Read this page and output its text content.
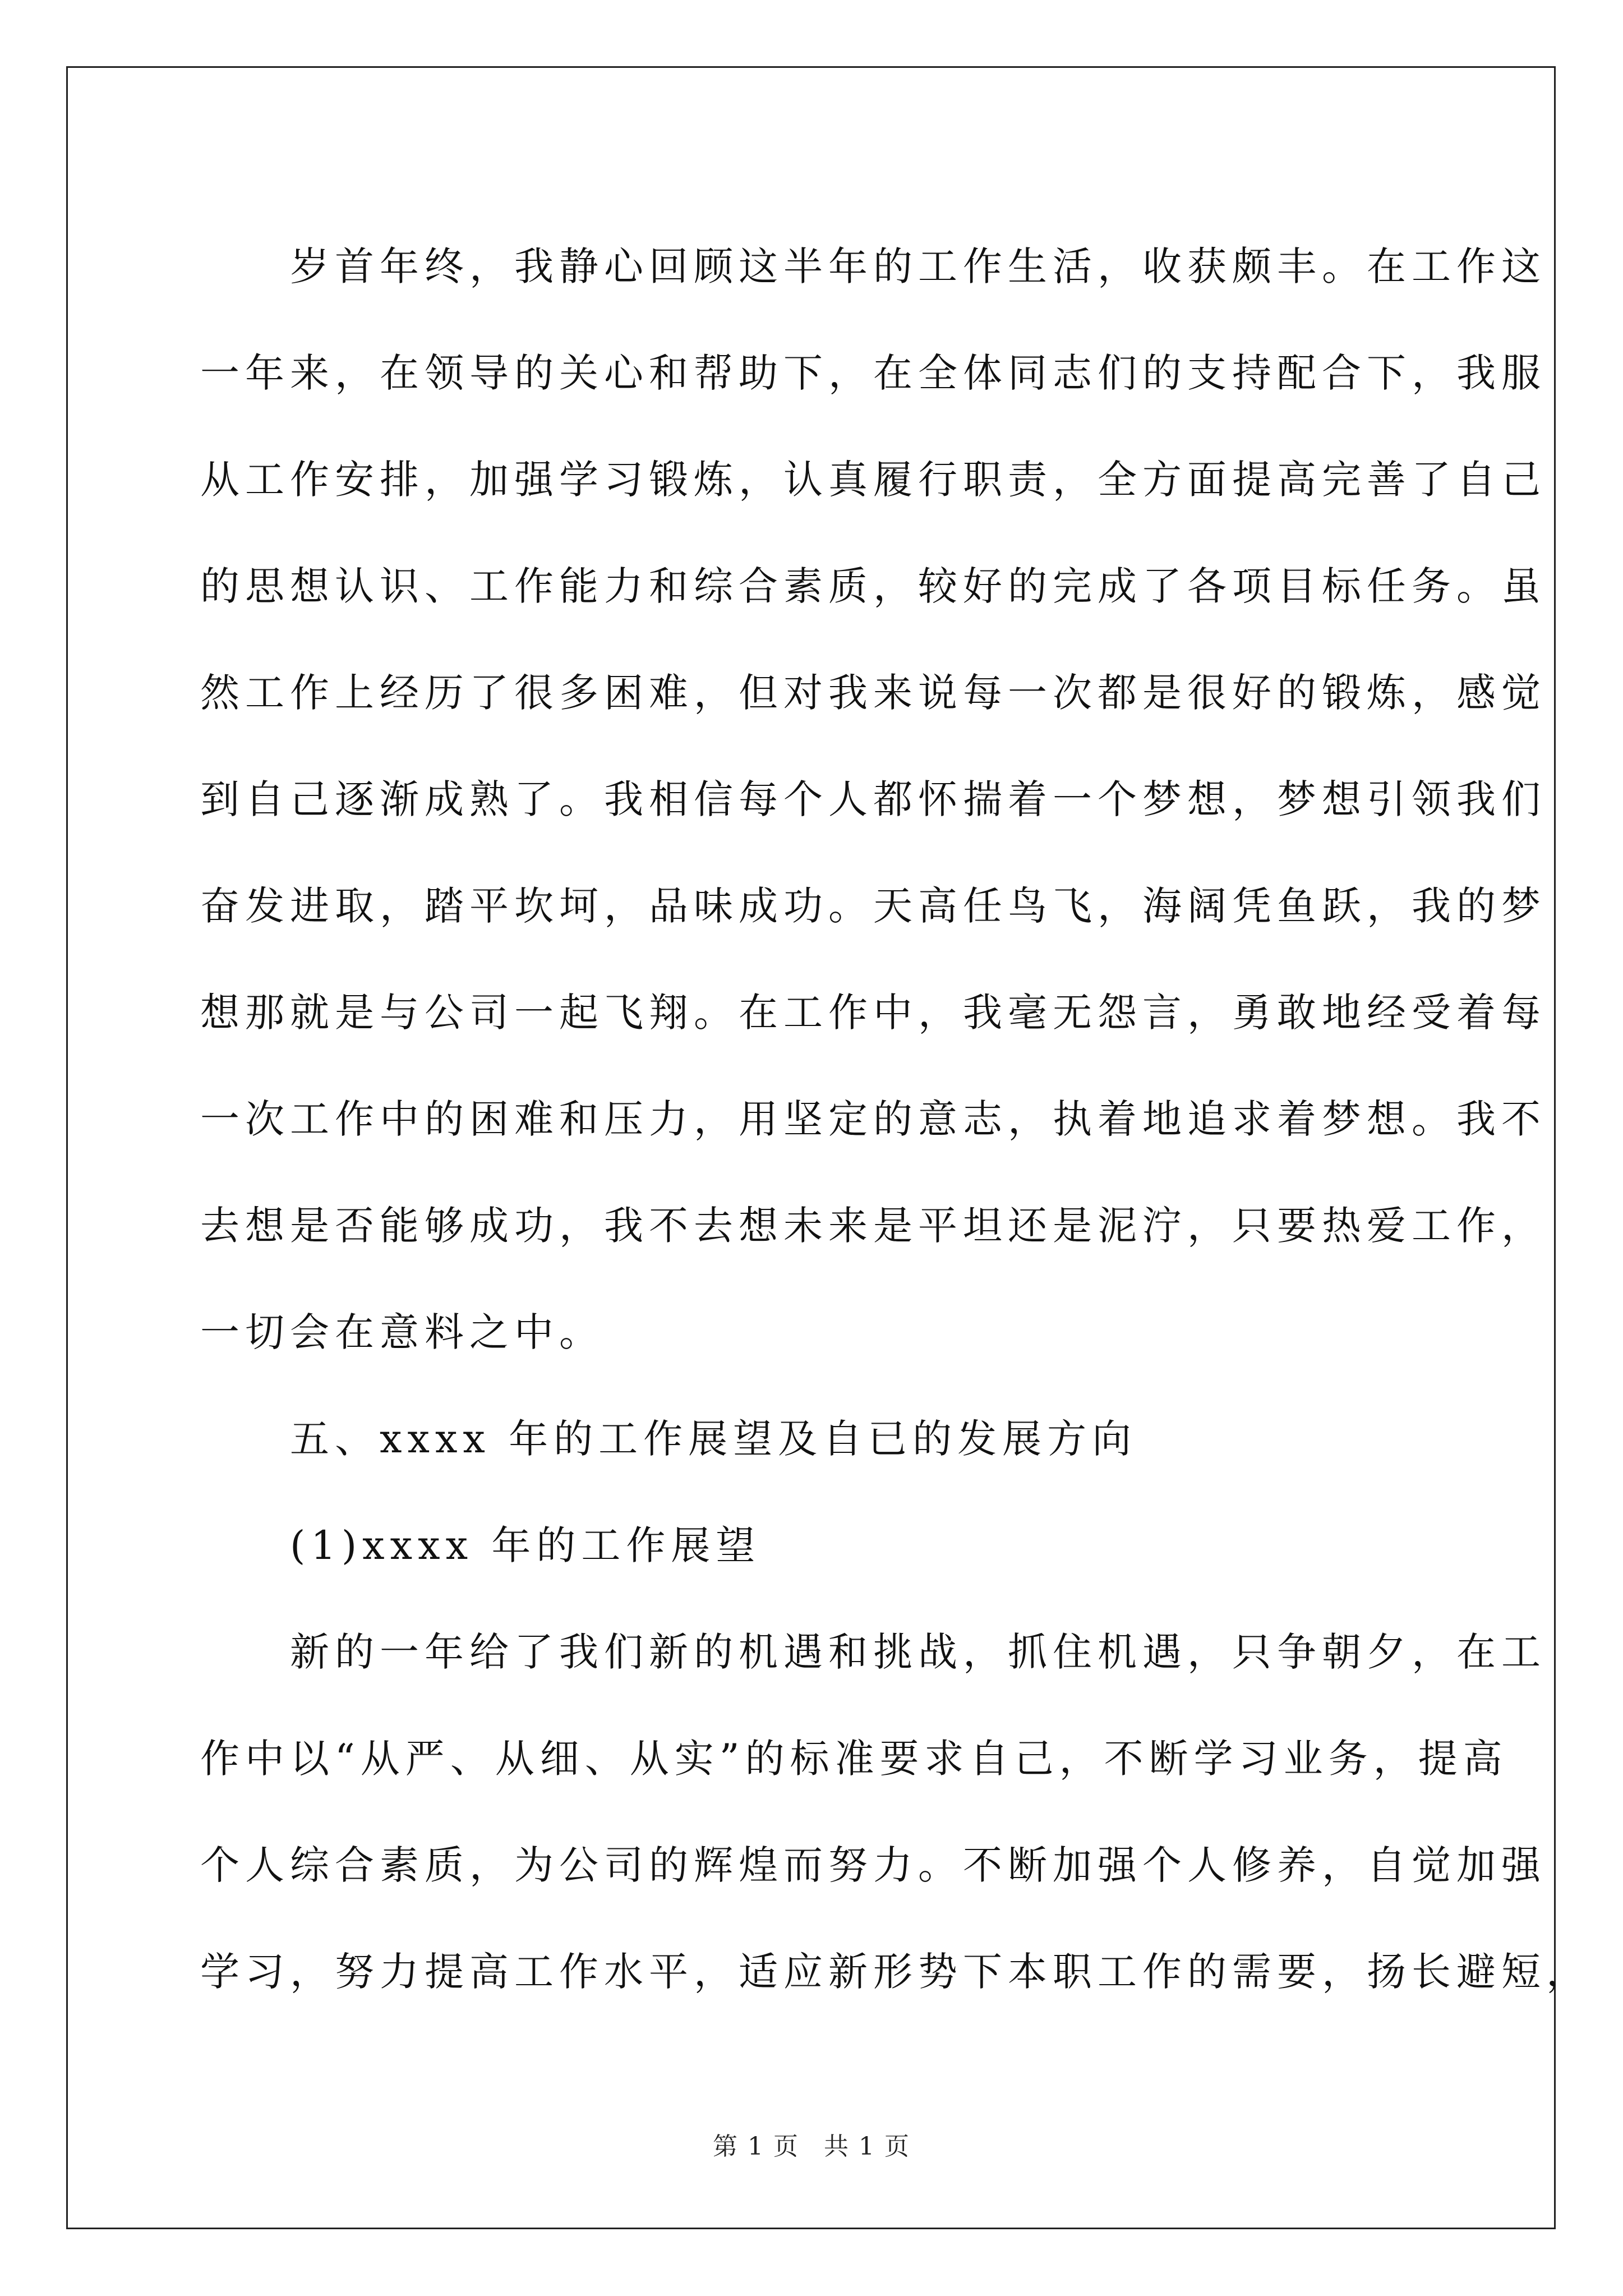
　　岁首年终，我静心回顾这半年的工作生活，收获颇丰。在工作这
一年来，在领导的关心和帮助下，在全体同志们的支持配合下，我服
从工作安排，加强学习锻炼，认真履行职责，全方面提高完善了自己
的思想认识、工作能力和综合素质，较好的完成了各项目标任务。虽
然工作上经历了很多困难，但对我来说每一次都是很好的锻炼，感觉
到自己逐渐成熟了。我相信每个人都怀揣着一个梦想，梦想引领我们
奋发进取，踏平坎坷，品味成功。天高任鸟飞，海阔凭鱼跃，我的梦
想那就是与公司一起飞翔。在工作中，我毫无怨言，勇敢地经受着每
一次工作中的困难和压力，用坚定的意志，执着地追求着梦想。我不
去想是否能够成功，我不去想未来是平坦还是泥泞，只要热爱工作，
一切会在意料之中。
　　五、xxxx 年的工作展望及自已的发展方向
　　(1)xxxx 年的工作展望
　　新的一年给了我们新的机遇和挑战，抓住机遇，只争朝夕，在工
作中以“从严、从细、从实”的标准要求自己，不断学习业务，提高
个人综合素质，为公司的辉煌而努力。不断加强个人修养，自觉加强
学习，努力提高工作水平，适应新形势下本职工作的需要，扬长避短，
第 1 页 共 1 页
